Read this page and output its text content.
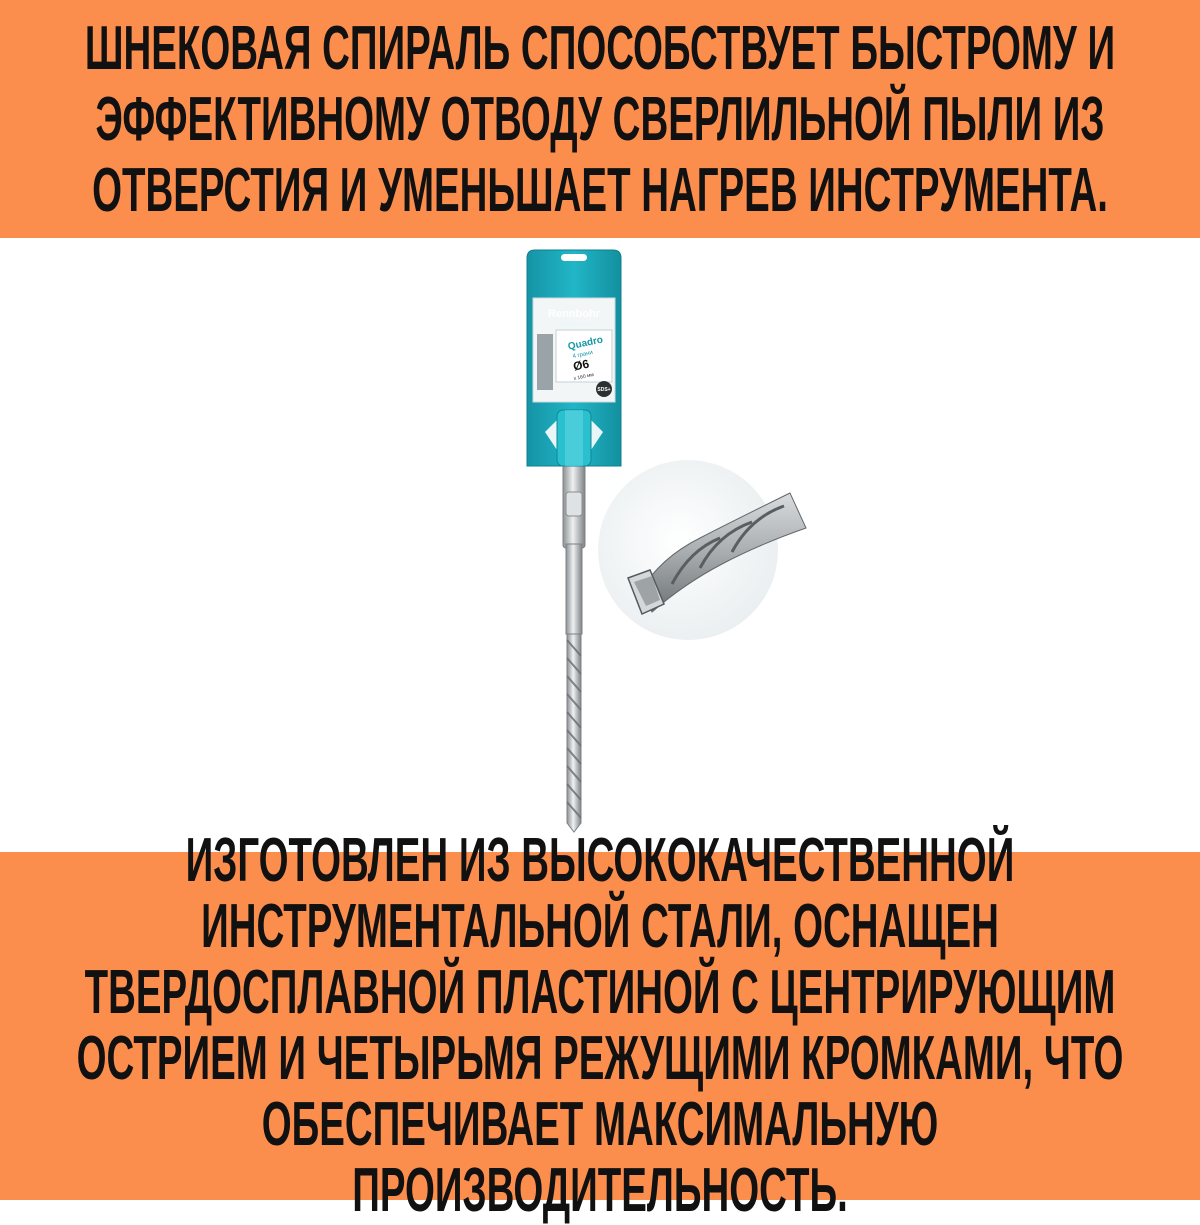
ШНЕКОВАЯ СПИРАЛЬ СПОСОБСТВУЕТ БЫСТРОМУ И ЭФФЕКТИВНОМУ ОТВОДУ СВЕРЛИЛЬНОЙ ПЫЛИ ИЗ ОТВЕРСТИЯ И УМЕНЬШАЕТ НАГРЕВ ИНСТРУМЕНТА.
Rennbohr
СВЕРЛО-БУР
Quadro
4 грани
Ø6
x 160 мм
SDS+
ИЗГОТОВЛЕН ИЗ ВЫСОКОКАЧЕСТВЕННОЙ ИНСТРУМЕНТАЛЬНОЙ СТАЛИ, ОСНАЩЕН ТВЕРДОСПЛАВНОЙ ПЛАСТИНОЙ С ЦЕНТРИРУЮЩИМ ОСТРИЕМ И ЧЕТЫРЬМЯ РЕЖУЩИМИ КРОМКАМИ, ЧТО ОБЕСПЕЧИВАЕТ МАКСИМАЛЬНУЮ ПРОИЗВОДИТЕЛЬНОСТЬ.
